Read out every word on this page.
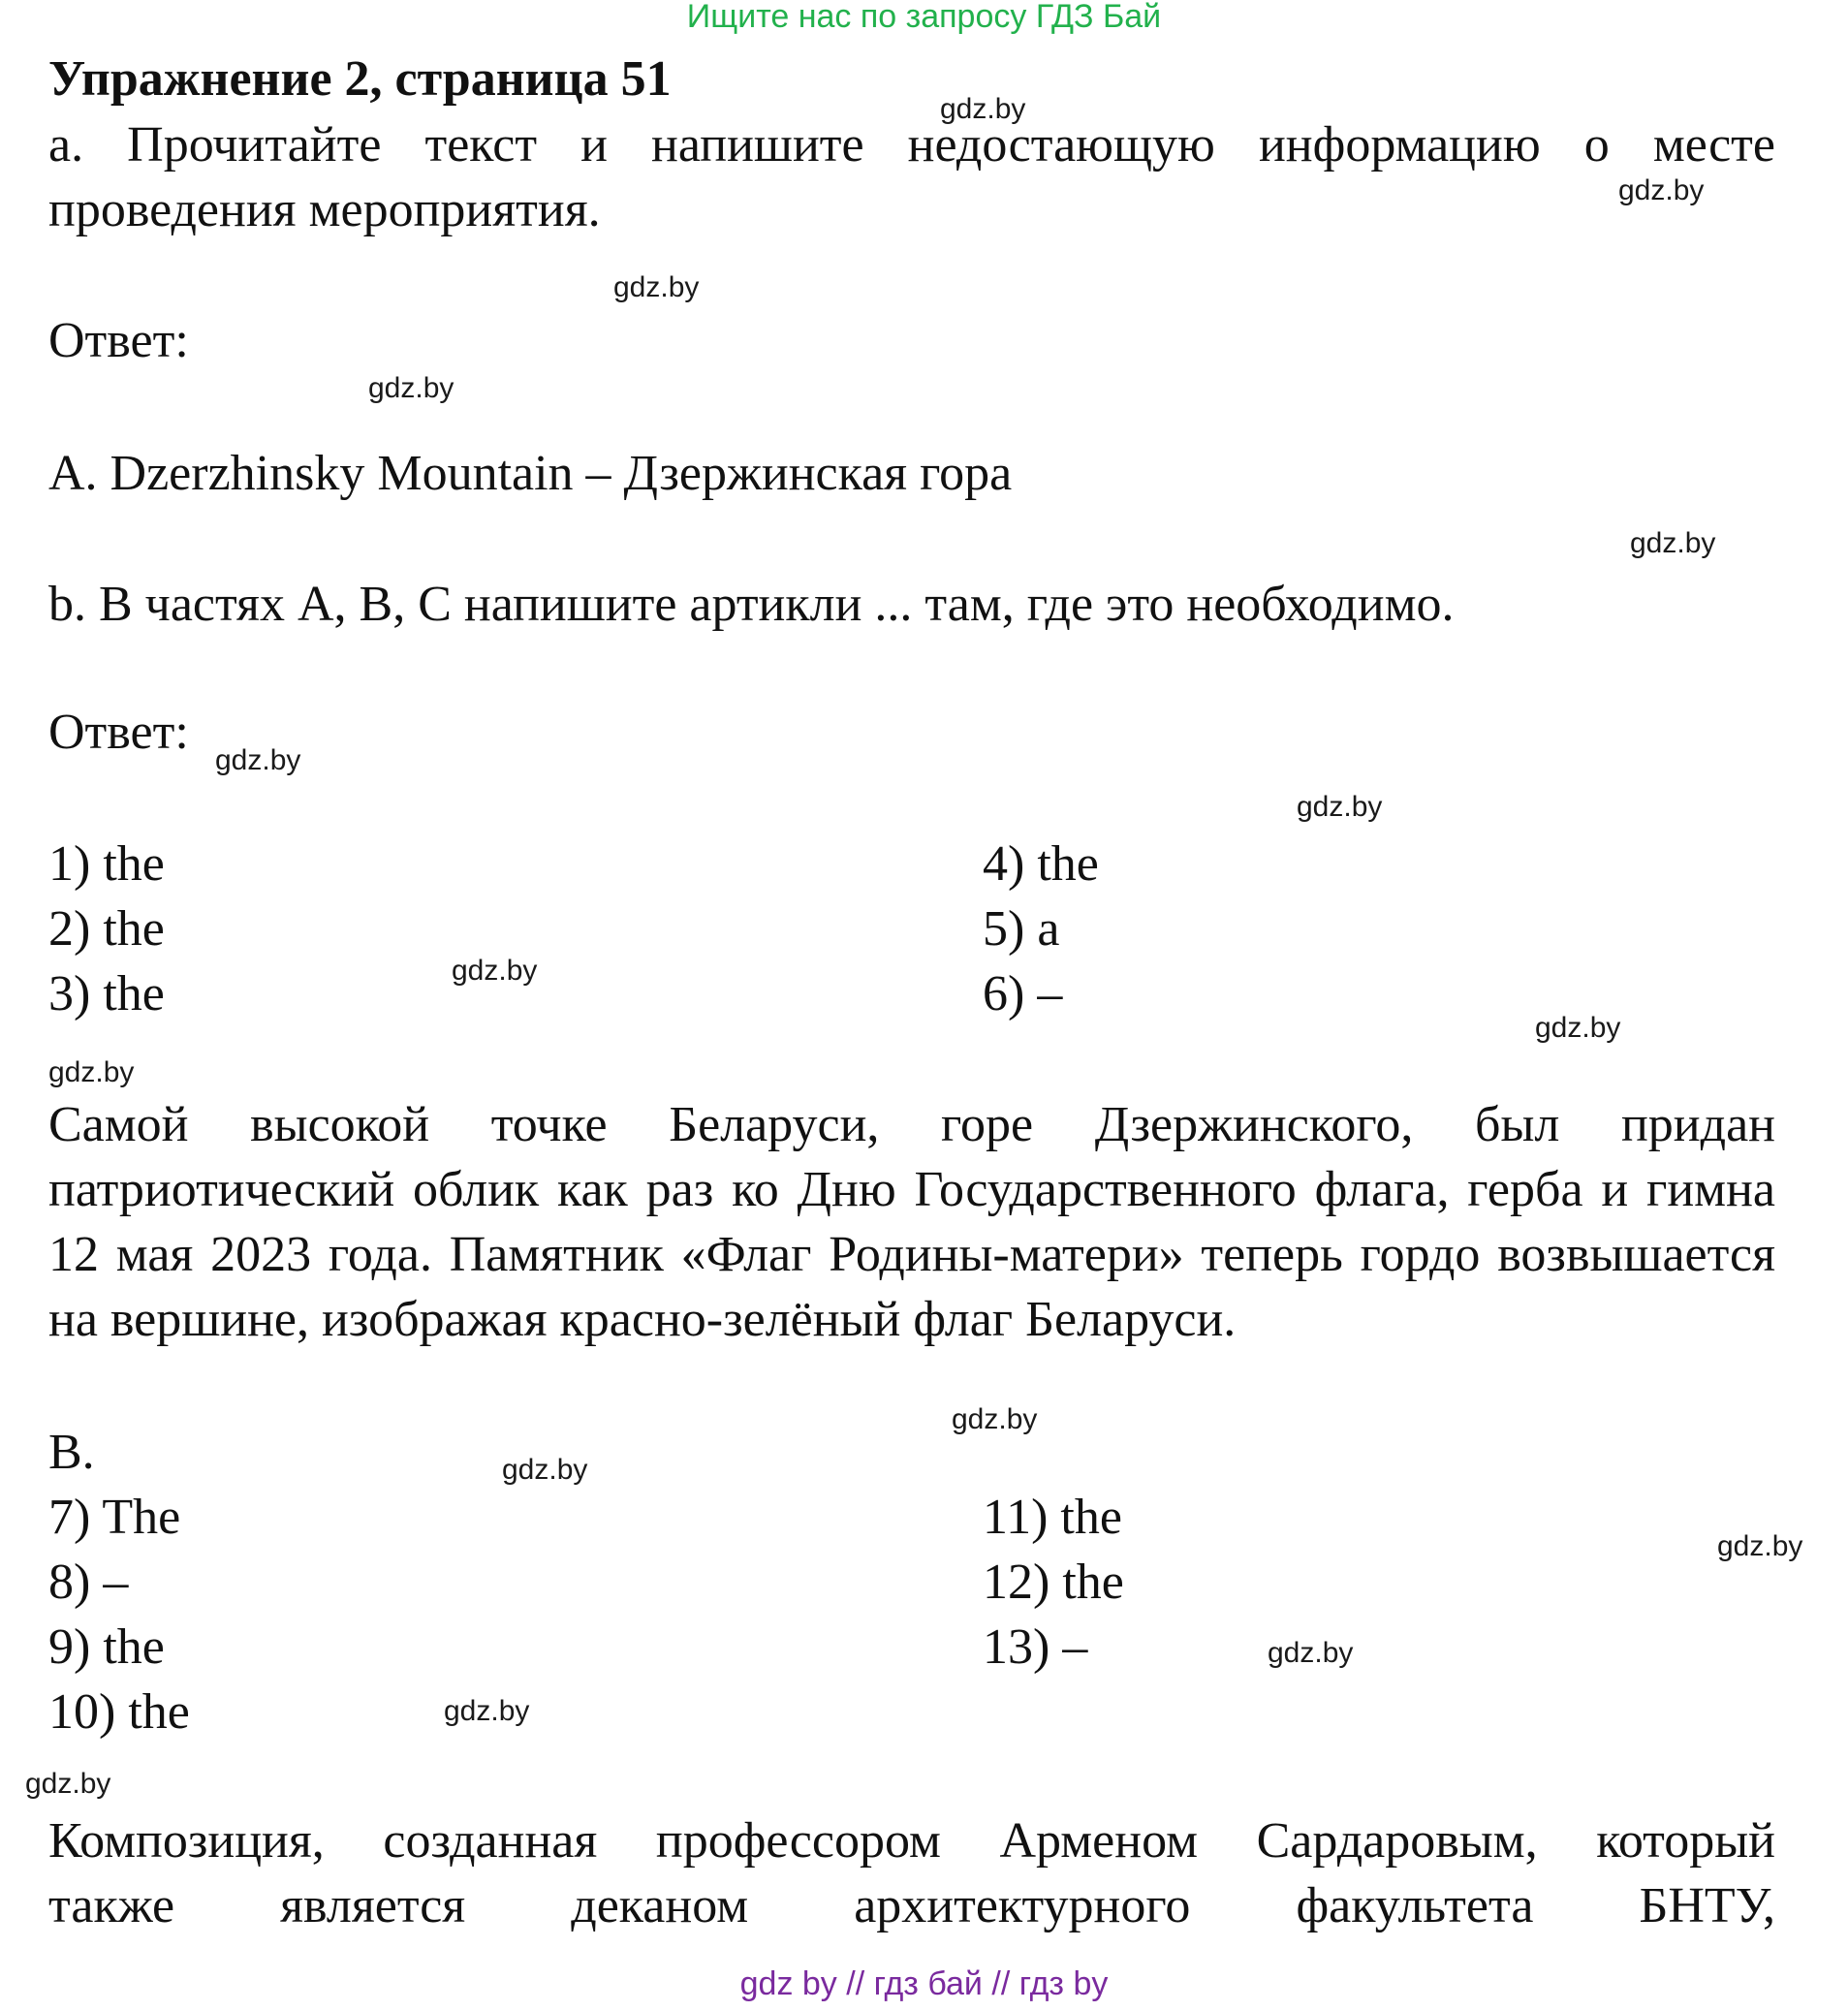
Ищите нас по запросу ГДЗ Бай
Упражнение 2, страница 51
a. Прочитайте текст и напишите недостающую информацию о месте проведения мероприятия.
Ответ:
A. Dzerzhinsky Mountain – Дзержинская гора
b. В частях A, B, C напишите артикли ... там, где это необходимо.
Ответ:
1) the
2) the
3) the
4) the
5) a
6) –
Самой высокой точке Беларуси, горе Дзержинского, был придан патриотический облик как раз ко Дню Государственного флага, герба и гимна 12 мая 2023 года. Памятник «Флаг Родины-матери» теперь гордо возвышается на вершине, изображая красно-зелёный флаг Беларуси.
B.
7) The
8) –
9) the
10) the
11) the
12) the
13) –
Композиция, созданная профессором Арменом Сардаровым, который
также является деканом архитектурного факультета БНТУ,
gdz.by
gdz.by
gdz.by
gdz.by
gdz.by
gdz.by
gdz.by
gdz.by
gdz.by
gdz.by
gdz.by
gdz.by
gdz.by
gdz.by
gdz.by
gdz.by
gdz by // гдз бай // гдз by
